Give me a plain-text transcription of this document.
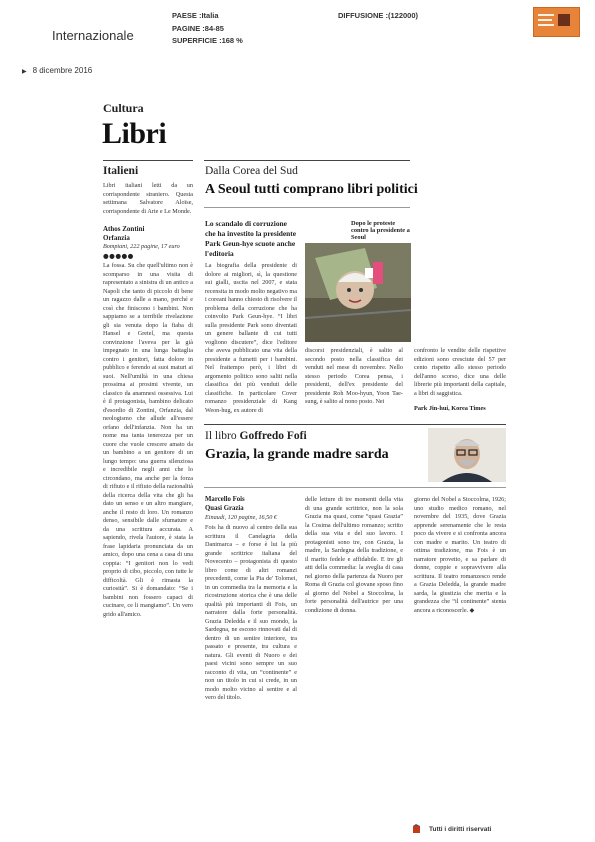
Internazionale
PAESE :Italia
PAGINE :84-85
SUPERFICIE :168 %
DIFFUSIONE :(122000)
▶ 8 dicembre 2016
Cultura
Libri
Italieni
Libri italiani letti da un corrispondente straniero. Questa settimana Salvatore Aloïse, corrispondente di Arte e Le Monde.
Athos Zontini
Orfanzia
Bompiani, 222 pagine, 17 euro
●●●●●
La fossa. Su che quell'ultimo non è scomparso in una visita di rapresentato a sinistra di un antico a Napoli che tanto di piccolo di bene un ragazzo dalle a mano, perché e così che finiscono i bambini. Non sappiamo se a terribile rivelazione gli sia venuta dopo la fiaba di Hansel e Gretel, ma questa convinzione l'aveva per la già impegnato in una lunga battaglia contro i genitori, fatta dolore in pubblico e ferendo ai suoi maturi ai suoi. Nell'umiltà in una chiesa prossima ai prosimi vivente, un classico da anamnesi ossessiva. Lui è il protagonista, bambino delicato d'esordio di Zontini, Orfanzia, dal neologismo che allude all'essere orfano dell'infanzia. Non ha un nome ma tanta tenerezza per un cuore che vuole crescere amato da un bambino a un genitore di un lungo tempo: una guerra silenziosa e incredibile negli anni che lo circondano, ma anche per la forza di rifiuto e il rifiuto della razionalità della ricerca della vita che gli ha dato un senso e un altro mangiare, anche il resto di loro. Un romanzo denso, sensibile dalle sfumature e da una scrittura accurata. A sapiendo, rivela l'autore, è stata la frase lapidaria pronunciata da un amico, dopo una cena a casa di una coppia: “I genitori non lo vedi proprio di cibo, piccolo, con tutte le difficoltà. Gli è rimasta la curiosità”. Si è domandato: “Se i bambini non fossero capaci di cucinare, ce li mangiamo”. Un vero grido all'amico.
Dalla Corea del Sud
A Seoul tutti comprano libri politici
Lo scandalo di corruzione che ha investito la presidente Park Geun-hye scuote anche l'editoria
Dopo le proteste contro la presidente a Seoul
La biografia della presidente di dolore ai migliori, sì, la questione sui gialli, uscita nel 2007, e stata recensita in modo molto negativo ma i coreani hanno chiesto di risolvere il problema della corruzione che ha coinvolto Park Geun-hye. “I libri sulla presidente Park sono diventati un genere ballante di cui tutti vogliono discutere”, dice l'editore che aveva pubblicato una vita della presidente a fumetti per i bambini. Nel frattempo però, i libri di argomento politico sono saliti nella classifica dei più venduti delle classifiche. In particolare Cover romanzo presidenziale di Kang Weon-hug, ex autore di
discorsi presidenziali, è salito al secondo posto nella classifica dei venduti nel mese di novembre. Nello stesso periodo Corea pensa, i presidenti, dell'ex presidente del presidente Roh Moo-hyun, Yoon Tae-sung, è salito al nono posto. Nei
confronto le vendite delle rispettive edizioni sono cresciute del 57 per cento rispetto allo stesso periodo dell'anno scorso, dice una delle librerie più importanti della capitale, a libri di saggistica.
Park Jin-hui, Korea Times
Il libro Goffredo Fofi
Grazia, la grande madre sarda
Marcello Fois
Quasi Grazia
Einaudi, 120 pagine, 16,50 €
Fois ha di nuovo al centro della sua scrittura il Canelagria della Danimarca – e forse è lui la più grande scrittrice italiana del Novecento – protagonista di questo libro come di altri romanzi precedenti, come la Pia de' Tolomei, in un commedia tra la memoria e la ricostruzione storica che è una delle qualità più importanti di Fois, un narratore dalla forte personalità. Grazia Deledda e il suo mondo, la Sardegna, ne escono rinnovati dal di dentro di un sentire interiore, tra passato e presente, tra cultura e natura. Gli eventi di Nuoro e dei paesi vicini sono sempre un suo racconto di vita, un “continente” e non un titolo in cui si crede, in un modo molto vicino al sentire e al vero del titolo.
delle letture di tre momenti della vita di una grande scrittrice, non la sola Grazia ma quasi, come “quasi Grazia” la Cosima dell'ultimo romanzo; scritto della sua vita e del suo lavoro. I protagonisti sono tre, con Grazia, la madre, la Sardegna della tradizione, e il marito fedele e affidabile. E tre gli atti della commedia: la sveglia di casa nel giorno della partenza da Nuoro per Roma di Grazia col giovane sposo fino al giorno del Nobel a Stoccolma, la forte personalità dell'autrice per una condizione di donna.
giorno del Nobel a Stoccolma, 1926; uno studio medico romano, nel novembre del 1935, dove Grazia apprende serenamente che le resta poco da vivere e si confronta ancora con madre e marito. Un teatro di ottima tradizione, ma Fois è un narratore provetto, e sa parlare di donne, coppie e sopravvivere alla scrittura. Il teatro romanzesco rende a Grazia Deledda, la grande madre sarda, la giustizia che merita e la grandezza che “il continente” stenta ancora a riconoscerle. ◆
Tutti i diritti riservati
